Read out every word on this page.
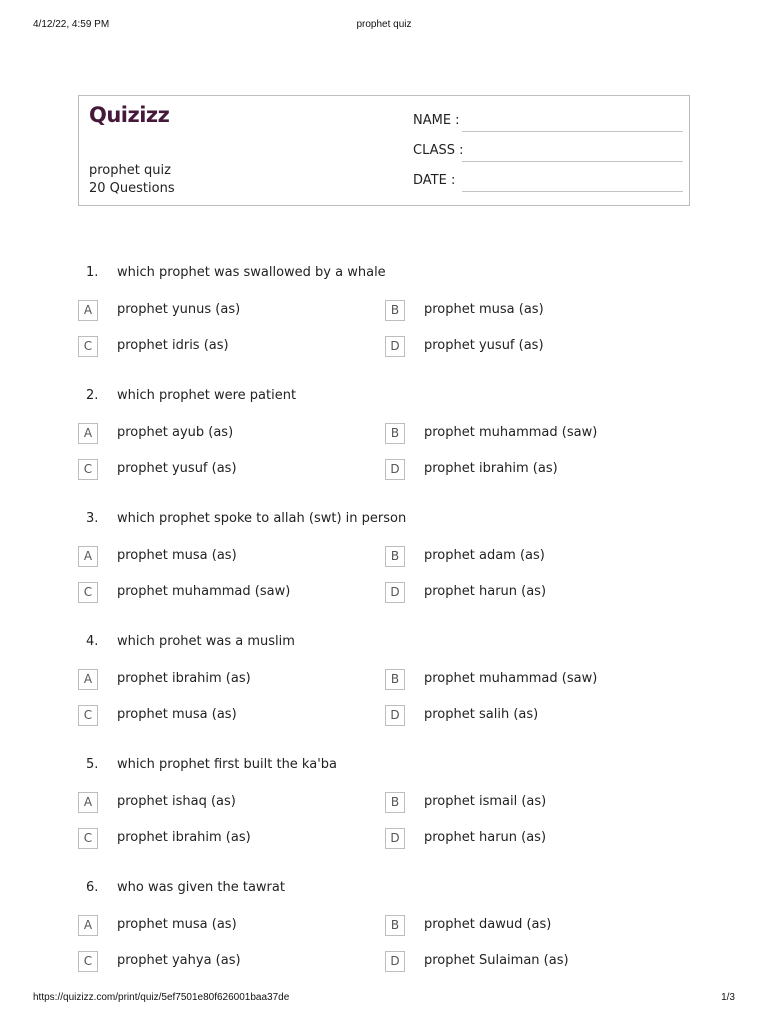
4/12/22, 4:59 PM	prophet quiz
Quizizz
prophet quiz
20 Questions
NAME :
CLASS :
DATE :
1. which prophet was swallowed by a whale
A	prophet yunus (as)	B	prophet musa (as)
C	prophet idris (as)	D	prophet yusuf (as)
2. which prophet were patient
A	prophet ayub (as)	B	prophet muhammad (saw)
C	prophet yusuf (as)	D	prophet ibrahim (as)
3. which prophet spoke to allah (swt) in person
A	prophet musa (as)	B	prophet adam (as)
C	prophet muhammad (saw)	D	prophet harun (as)
4. which prohet was a muslim
A	prophet ibrahim (as)	B	prophet muhammad (saw)
C	prophet musa (as)	D	prophet salih (as)
5. which prophet first built the ka'ba
A	prophet ishaq (as)	B	prophet ismail (as)
C	prophet ibrahim (as)	D	prophet harun (as)
6. who was given the tawrat
A	prophet musa (as)	B	prophet dawud (as)
C	prophet yahya (as)	D	prophet Sulaiman (as)
https://quizizz.com/print/quiz/5ef7501e80f626001baa37de	1/3
